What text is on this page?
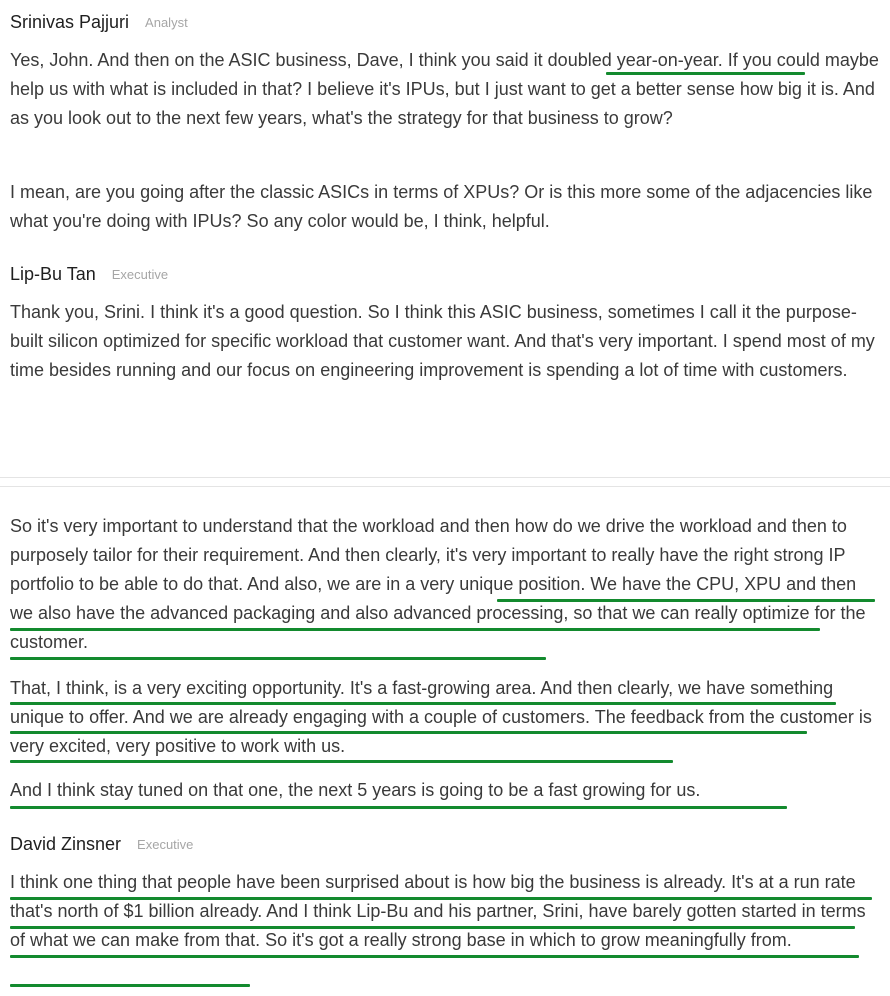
Srinivas Pajjuri Analyst
Yes, John. And then on the ASIC business, Dave, I think you said it doubled year-on-year. If you could maybe help us with what is included in that? I believe it's IPUs, but I just want to get a better sense how big it is. And as you look out to the next few years, what's the strategy for that business to grow?
I mean, are you going after the classic ASICs in terms of XPUs? Or is this more some of the adjacencies like what you're doing with IPUs? So any color would be, I think, helpful.
Lip-Bu Tan Executive
Thank you, Srini. I think it's a good question. So I think this ASIC business, sometimes I call it the purpose-built silicon optimized for specific workload that customer want. And that's very important. I spend most of my time besides running and our focus on engineering improvement is spending a lot of time with customers.
So it's very important to understand that the workload and then how do we drive the workload and then to purposely tailor for their requirement. And then clearly, it's very important to really have the right strong IP portfolio to be able to do that. And also, we are in a very unique position. We have the CPU, XPU and then we also have the advanced packaging and also advanced processing, so that we can really optimize for the customer.
That, I think, is a very exciting opportunity. It's a fast-growing area. And then clearly, we have something unique to offer. And we are already engaging with a couple of customers. The feedback from the customer is very excited, very positive to work with us.
And I think stay tuned on that one, the next 5 years is going to be a fast growing for us.
David Zinsner Executive
I think one thing that people have been surprised about is how big the business is already. It's at a run rate that's north of $1 billion already. And I think Lip-Bu and his partner, Srini, have barely gotten started in terms of what we can make from that. So it's got a really strong base in which to grow meaningfully from.
